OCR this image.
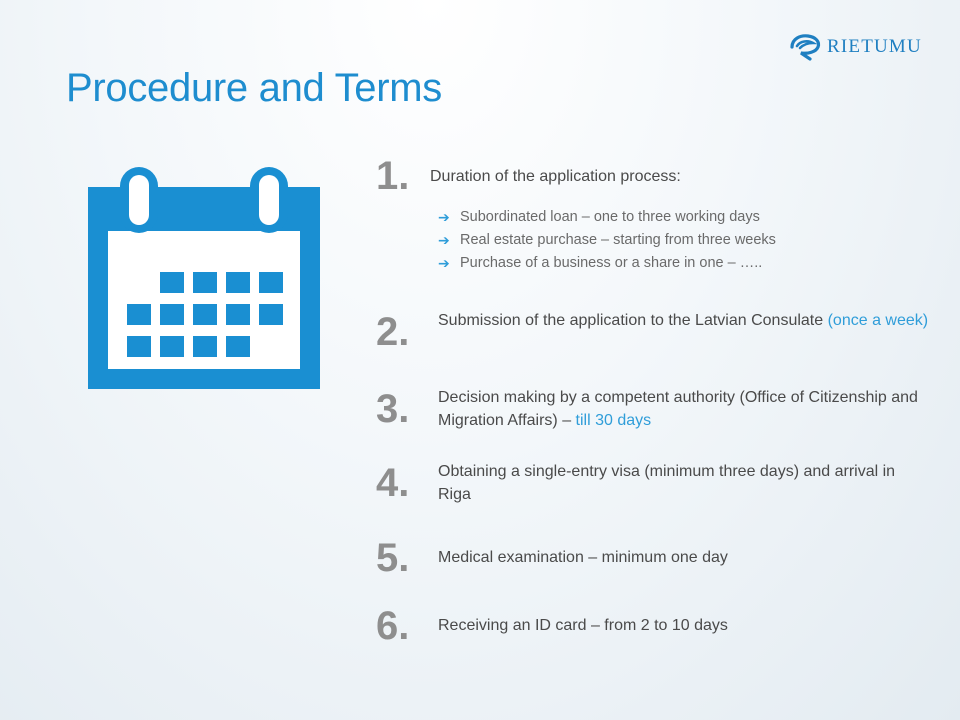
RIETUMU
Procedure and Terms
1. Duration of the application process:
➔ Subordinated loan – one to three working days
➔ Real estate purchase – starting from three weeks
➔ Purchase of a business or a share in one – …..
2. Submission of the application to the Latvian Consulate (once a week)
3. Decision making by a competent authority (Office of Citizenship and Migration Affairs) – till 30 days
4. Obtaining a single-entry visa (minimum three days) and arrival in Riga
5. Medical examination – minimum one day
6. Receiving an ID card – from 2 to 10 days
